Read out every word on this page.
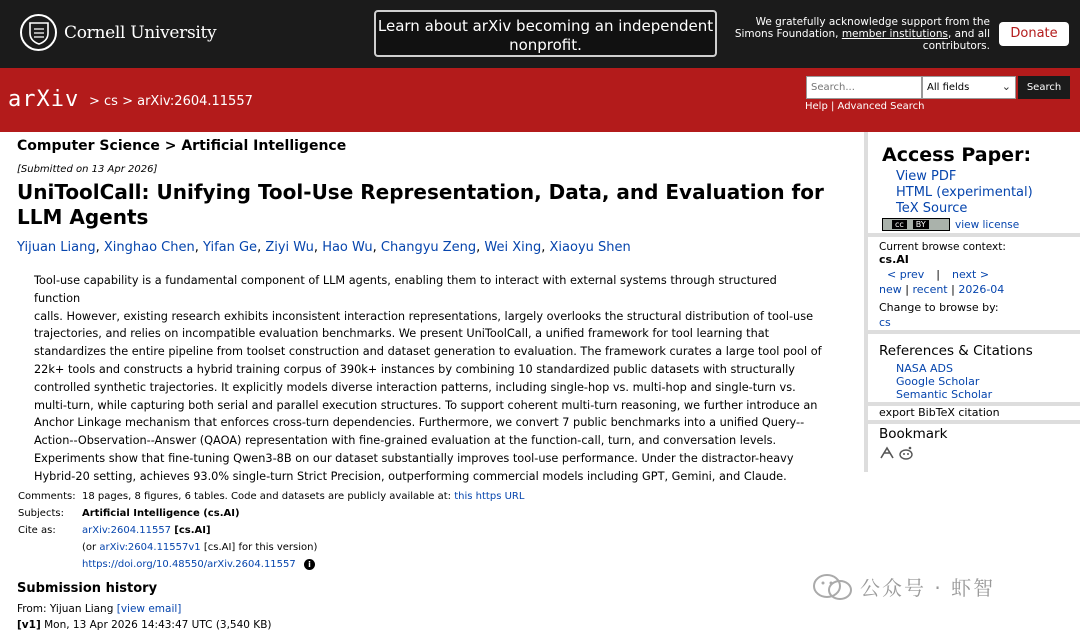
Cornell University	Learn about arXiv becoming an independent nonprofit.
We gratefully acknowledge support from the Simons Foundation, member institutions, and all contributors.
Donate
arXiv > cs > arXiv:2604.11557
Search...
All fields	⌄	Search
Help | Advanced Search
Computer Science > Artificial Intelligence
[Submitted on 13 Apr 2026]
UniToolCall: Unifying Tool-Use Representation, Data, and Evaluation for LLM Agents
Yijuan Liang, Xinghao Chen, Yifan Ge, Ziyi Wu, Hao Wu, Changyu Zeng, Wei Xing, Xiaoyu Shen
Tool-use capability is a fundamental component of LLM agents, enabling them to interact with external systems through structured function
calls. However, existing research exhibits inconsistent interaction representations, largely overlooks the structural distribution of tool-use
trajectories, and relies on incompatible evaluation benchmarks. We present UniToolCall, a unified framework for tool learning that
standardizes the entire pipeline from toolset construction and dataset generation to evaluation. The framework curates a large tool pool of
22k+ tools and constructs a hybrid training corpus of 390k+ instances by combining 10 standardized public datasets with structurally
controlled synthetic trajectories. It explicitly models diverse interaction patterns, including single-hop vs. multi-hop and single-turn vs.
multi-turn, while capturing both serial and parallel execution structures. To support coherent multi-turn reasoning, we further introduce an
Anchor Linkage mechanism that enforces cross-turn dependencies. Furthermore, we convert 7 public benchmarks into a unified Query--
Action--Observation--Answer (QAOA) representation with fine-grained evaluation at the function-call, turn, and conversation levels.
Experiments show that fine-tuning Qwen3-8B on our dataset substantially improves tool-use performance. Under the distractor-heavy
Hybrid-20 setting, achieves 93.0% single-turn Strict Precision, outperforming commercial models including GPT, Gemini, and Claude.
Comments: 18 pages, 8 figures, 6 tables. Code and datasets are publicly available at: this https URL
Subjects:	Artificial Intelligence (cs.AI)
Cite as:	arXiv:2604.11557 [cs.AI]
(or arXiv:2604.11557v1 [cs.AI] for this version)
https://doi.org/10.48550/arXiv.2604.11557 i
Submission history
From: Yijuan Liang [view email]
[v1] Mon, 13 Apr 2026 14:43:47 UTC (3,540 KB)
Access Paper:
View PDF
HTML (experimental)
TeX Source
cc BY	view license
Current browse context:
cs.AI
< prev | next >
new | recent | 2026-04
Change to browse by:
cs
References & Citations
NASA ADS
Google Scholar
Semantic Scholar
export BibTeX citation
Bookmark
公众号 · 虾智
